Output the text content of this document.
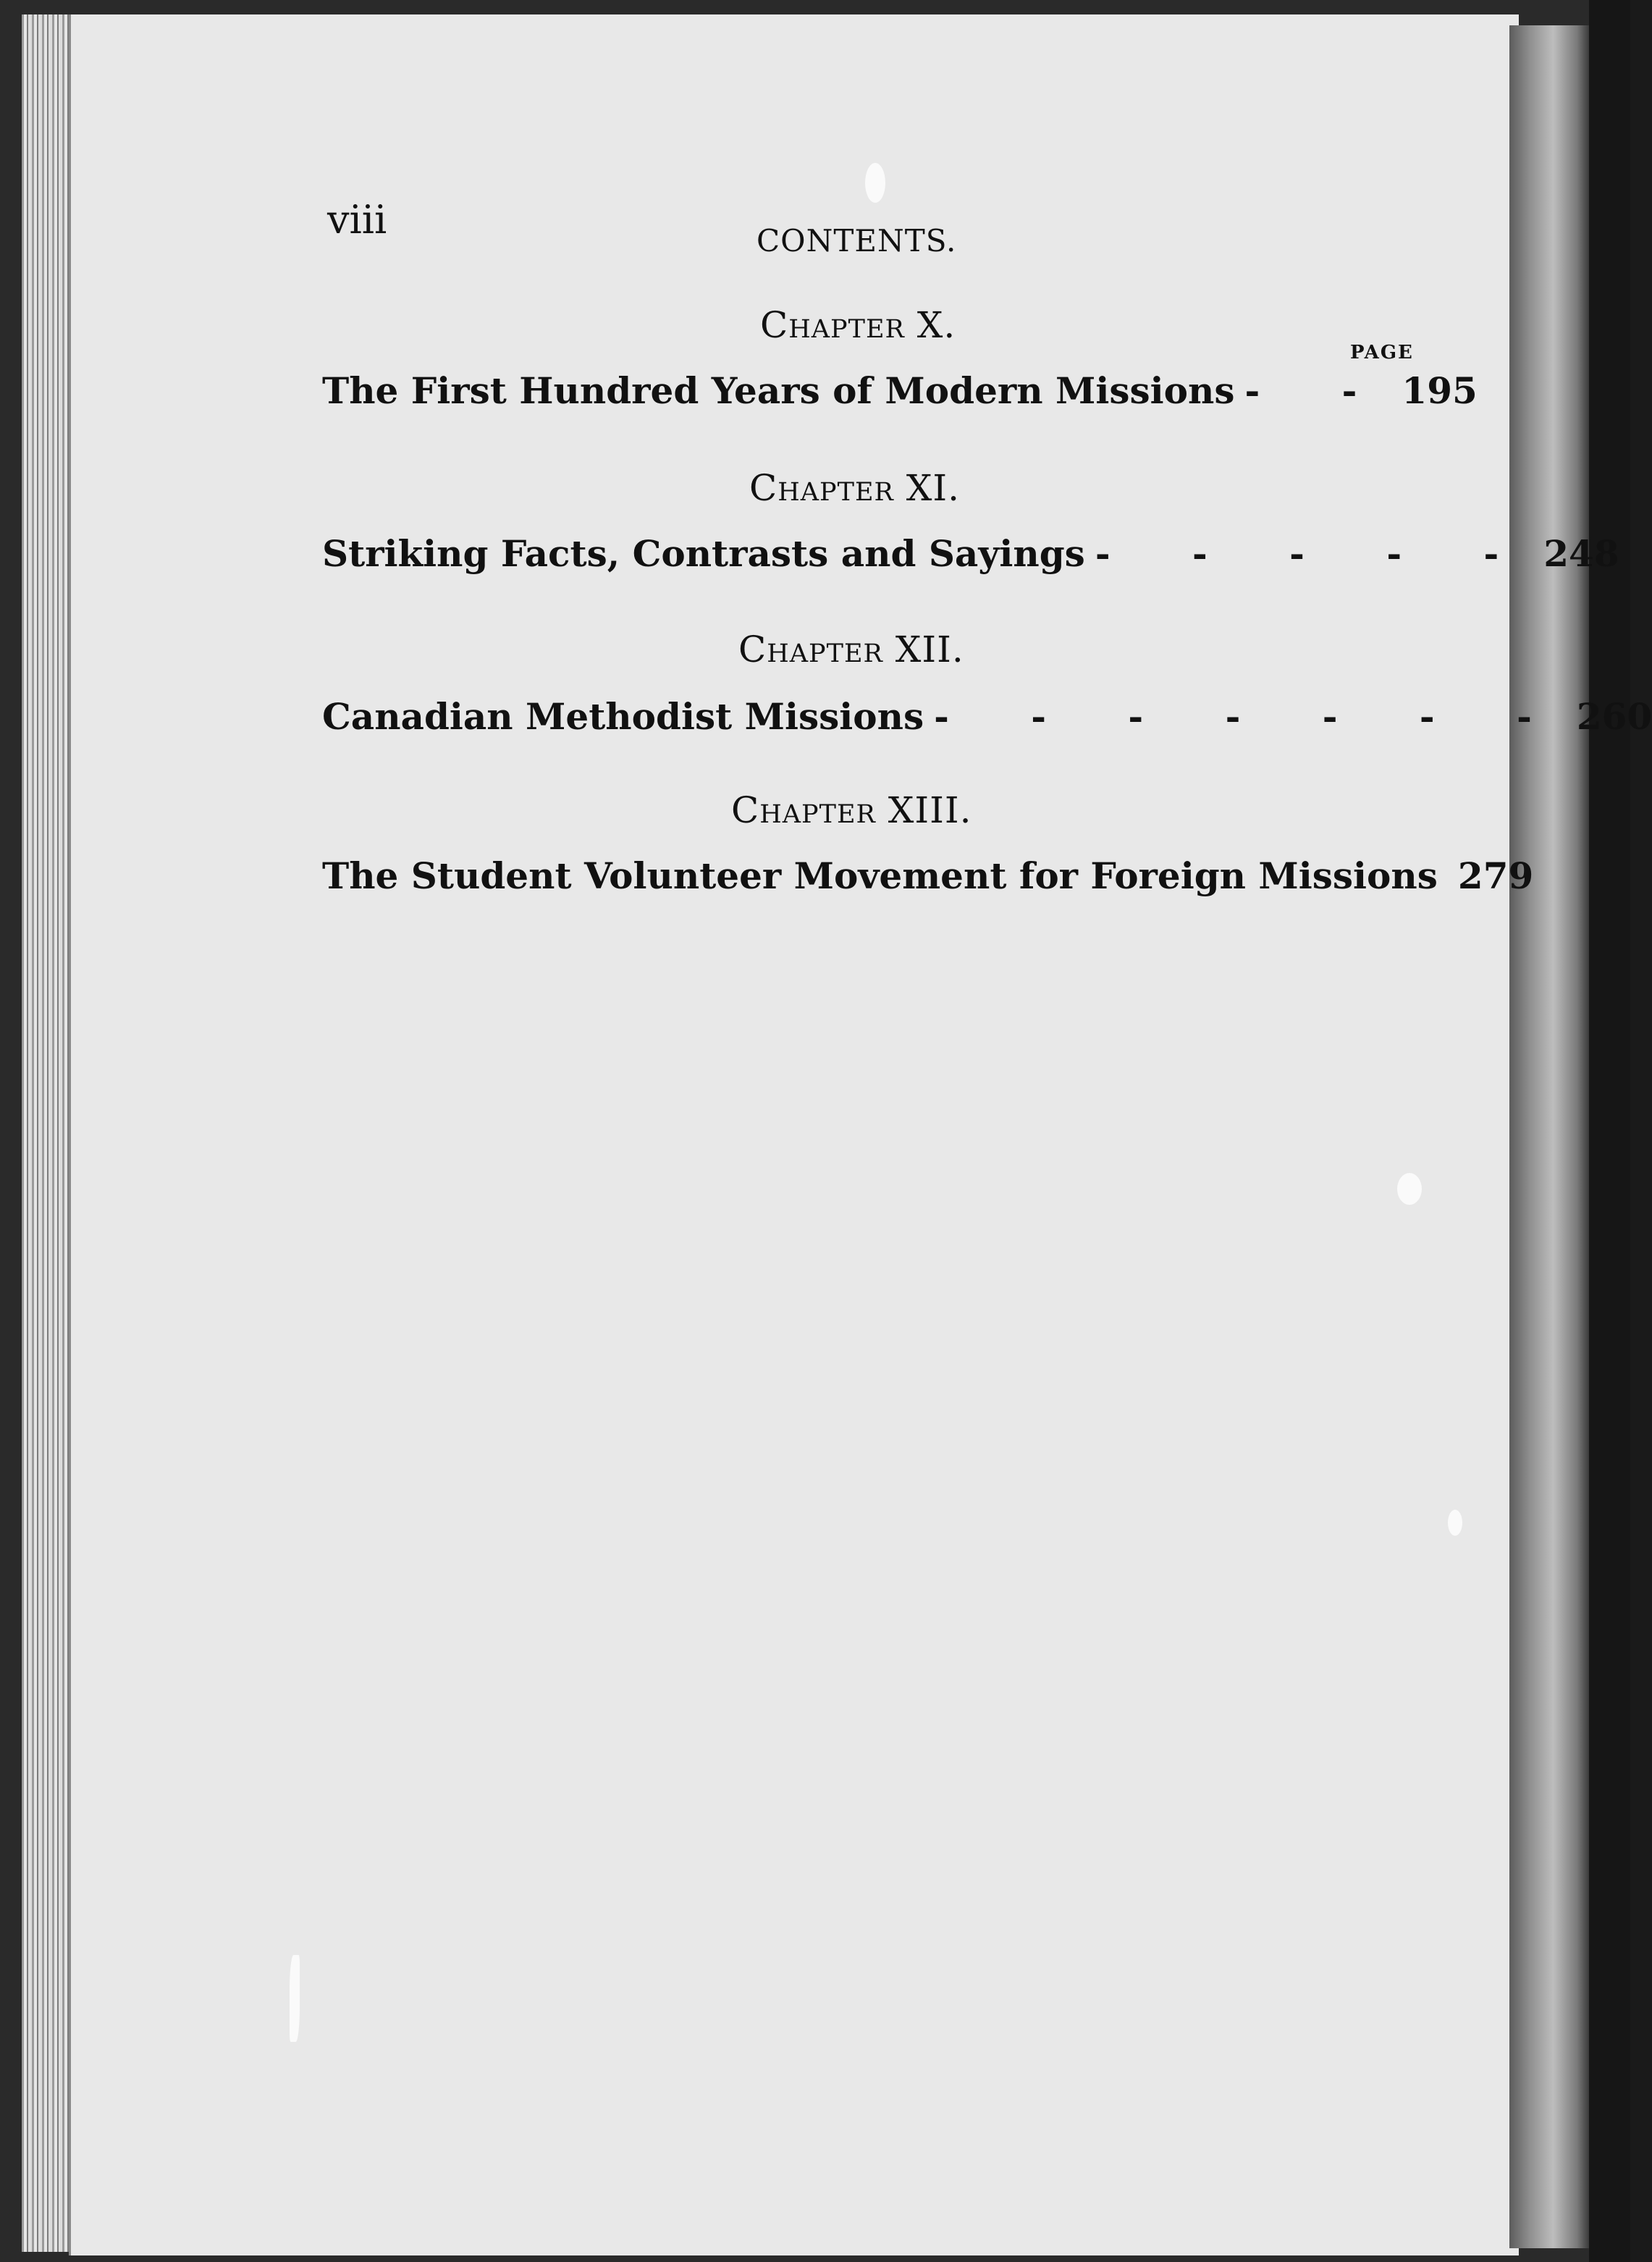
viii	CONTENTS.
PAGE
Chapter X.
The First Hundred Years of Modern Missions - - 195
Chapter XI.
Striking Facts, Contrasts and Sayings - - - - - 248
Chapter XII.
Canadian Methodist Missions - - - - - - - 260
Chapter XIII.
The Student Volunteer Movement for Foreign Missions 279
